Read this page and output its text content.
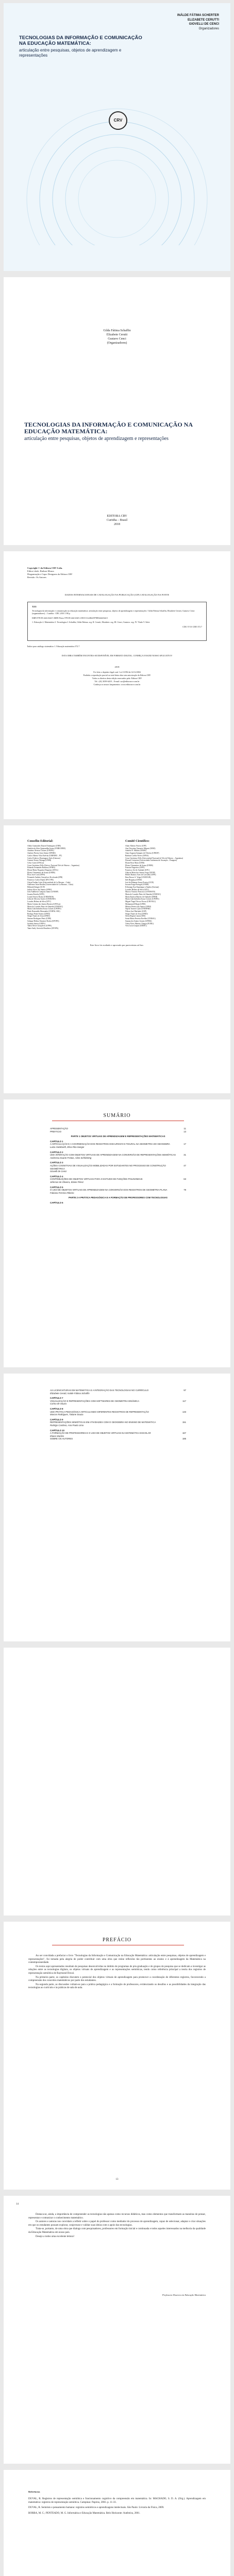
INÁLDE FÁTIMA SCHERTER
ELIZABETE CERUTTI
GIOVELLI DE CENCI
Organizadores
TECNOLOGIAS DA INFORMAÇÃO E COMUNICAÇÃO NA EDUCAÇÃO MATEMÁTICA:
articulação entre pesquisas, objetos de aprendizagem e representações
CRV
Gilda Fátima Schaffin
Elizabete Cerutti
Gustavo Cenci
(Organizadores)
TECNOLOGIAS DA INFORMAÇÃO E COMUNICAÇÃO NA EDUCAÇÃO MATEMÁTICA:
articulação entre pesquisas, objetos de aprendizagem e representações
EDITORA CRV
Curitiba – Brasil
2018
Copyright © da Editora CRV Ltda.
Editor-chefe: Railson Moura
Diagramação e Capa: Designers da Editora CRV
Revisão: Os Autores
DADOS INTERNACIONAIS DE CATALOGAÇÃO NA PUBLICAÇÃO (CIP) CATALOGAÇÃO NA FONTE
T255
Tecnologias da informação e comunicação na educação matemática: articulação entre pesquisas, objetos de aprendizagem e representações / Gilda Fátima Schaffin, Elizabete Cerutti, Gustavo Cenci (organizadores) – Curitiba : CRV, 2018. 198 p.
ISBN 978-85-444-2344-5 ISBN Físico 978-85-444-2345-2 DOI 10.24824/978854442344.5
1. Educação 2. Matemática 3. Tecnologias I. Schaffin, Gilda Fátima. org. II. Cerutti, Elizabete. org. III. Cenci, Gustavo. org. IV. Título V. Série
CDU 37.01 CDD 372.7
Índice para catálogo sistemático 1. Educação matemática 372.7
ESTA OBRA TAMBÉM ENCONTRA-SE DISPONÍVEL EM FORMATO DIGITAL. CONHEÇA E BAIXE NOSSO APLICATIVO!
2018
Foi feito o depósito legal conf. Lei 10.994 de 14/12/2004
Proibida a reprodução parcial ou total desta obra sem autorização da Editora CRV
Todos os direitos desta edição reservados pela: Editora CRV
Tel.: (41) 3039-6418 – E-mail: sac@editoracrv.com.br
Conheça os nossos lançamentos: www.editoracrv.com.br
Conselho Editorial:	Comitê Científico:
Aldira Guimarães Duarte Domínguez (UNB)
Andréia da Silva Quintanilha Sousa (UNIR/UFRN)
Anselmo Alencar Colares (UFOPA)
Antônio Pereira Gaio Júnior (UFRRJ)
Carlos Alberto Vilar Estêvão (UMINHO – PT)
Carlos Federico Dominguez Avila (Unieuro)
Carmen Tereza Velanga (UNIR)
Celso Conti (UFSCar)
Cesar Gerónimo Tello (Univer. Nacional Três de Febrero – Argentina)
Eduardo Fernandes Barbosa (UFMG)
Elione Maria Nogueira Diogenes (UFAL)
Elizeu Clementino de Souza (UNEB)
Élsio José Corá (UFFS)
Fernando Antônio Gonçalves Alcoforado (IPB)
Francisco Carlos Duarte (PUC-PR)
Gloria Fariñas León (Universidade de La Havana – Cuba)
Guillermo Arias Beatón (Universidade de La Havana – Cuba)
Helmuth Krüger (UCP)
Jailson Alves dos Santos (UFRJ)
João Adalberto Campato Junior (UNESP)
Josania Portela (UFPI)
Leonel Severo Rocha (UNISINOS)
Lídia de Oliveira Xavier (UNIEURO)
Lourdes Helena da Silva (UFV)
Maria Cristina dos Santos Bezerra (UFSCar)
Maria de Lourdes Pinto de Almeida (UNOESC)
Maria Lília Imbiriba Sousa Colares (UFOPA)
Paulo Romualdo Hernandes (UNIFAL-MG)
Rodrigo Pratte-Santos (UFES)
Sérgio Nunes de Jesus (IFRO)
Simone Rodrigues Pinto (UNB)
Solange Helena Ximenes-Rocha (UFOPA)
Sydione Santos (UEPG)
Tadeu Oliver Gonçalves (UFPA)
Tania Suely Azevedo Brasileiro (UFOPA)
Altair Alberto Fávero (UPF)
Ana Chrystina Venancio Mignot (UERJ)
Andréia N. Militão (UEMS)
Anna Augusta Sampaio de Oliveira (UNESP)
Barbara Coelho Neves (UFBA)
Cesar Gerónimo Tello (Universidad Nacional de Três de Febrero – Argentina)
Diosnel Centurion (Universidade Autónoma de Assunção – Paraguai)
Eliane Rose Maio (UEM)
Elizeu Clementino de Souza (UNEB)
Fauston Negreiros (UFPI)
Francisco Ari de Andrade (UFC)
Gláucia Maria dos Santos Jorge (UFOP)
Helder Buenos Aires de Carvalho (UFPI)
Ilma Passos A. Veiga (UNICEUB)
Inês Bragança (UERJ)
José de Ribamar Sousa Pereira (UCB)
Jussara Fraga Portugal (UNEB)
Kilwangy Kya Kapitango-a-Samba (Unemat)
Lourdes Helena da Silva (UFV)
Marcos Vinicius Francisco (UNOESTE)
Maria de Lourdes Pinto de Almeida (UNOESC)
Maria Eurácia Barreto de Andrade (UFRB)
Maria Lília Imbiriba Sousa Colares (UFOPA)
Míguel Ángel Novoa Novoa (UNIVALI)
Mohammed Elhajji (UFRJ)
Mônica Pereira dos Santos (UFRJ)
Najela Tavares Ujiie (UNESPAR)
Nilson José Machado (USP)
Sérgio Nunes de Jesus (IFRO)
Silvia Regina Canan (URI)
Sonia Maria Ferreira Koehler (UNISAL)
Suzana dos Santos Gomes (UFMG)
Vânia Alves Martins Chaigar (FURG)
Vera Lucia Gaspar (UDESC)
Este livro foi avaliado e aprovado por pareceristas ad hoc.
SUMÁRIO
APRESENTAÇÃO	11
PREFÁCIO	13
PARTE 1 OBJETOS VIRTUAIS DE APRENDIZAGEM E REPRESENTAÇÕES MATEMÁTICAS
CAPÍTULO 1
A ARTICULAÇÃO E A COORDENAÇÃO DOS REGISTROS DISCURSIVO E FIGURAL NA GEOMETRIA DO GEOGEBRA	17
Luiza Hackbarth, Elisa Rita Sangoi
CAPÍTULO 2
UMA INTERAÇÃO COM OBJETOS VIRTUAIS DE APRENDIZAGEM NA CONVERSÃO DE REPRESENTAÇÕES SEMIÓTICAS	31
Andressa Duarte Freitas, Aline Schlichting
CAPÍTULO 3
AÇÕES COGNITIVAS DE VISUALIZAÇÃO MOBILIZADAS POR ESTUDANTES NO PROCESSO DE CONSTRUÇÃO GEOMÉTRICA
47
Giovelli de Cenci
CAPÍTULO 4
CONTRIBUIÇÕES DE OBJETOS VIRTUAIS PARA O ESTUDO DE FUNÇÕES POLINOMIAIS	63
Jeferson de Oliveira, Elaine Pérez
CAPÍTULO 5
O USO DE OBJETOS VIRTUAIS DE APRENDIZAGEM NA CONVERSÃO DOS REGISTROS DE GEOMETRIA PLANA	79
Fabiana Ferreira Ribeiro
PARTE 2 A PRÁTICA PEDAGÓGICA E A FORMAÇÃO DE PROFESSORES COM TECNOLOGIAS
CAPÍTULO 6
AS LICENCIATURAS EM MATEMÁTICA E A INTEGRAÇÃO DAS TECNOLOGIAS NO CURRÍCULO	97
Elizabete Cerutti, Inalde Fátima Schaffin
CAPÍTULO 7
VISUALIZAÇÃO E REPRESENTAÇÕES COM SOFTWARES DE GEOMETRIA DINÂMICA	117
Carina de Souza
CAPÍTULO 8
UMA PRÁTICA PEDAGÓGICA ARTICULANDO DIFERENTES REGISTROS DE REPRESENTAÇÃO	133
Marcos Rodrigues, Tatiane Souza
CAPÍTULO 9
REPRESENTAÇÕES SEMIÓTICAS EM ATIVIDADES COM O GEOGEBRA NO ENSINO DE MATEMÁTICA	151
Rodrigo Cardoso, Ana Paula Lima
CAPÍTULO 10
A FORMAÇÃO DE PROFESSORES E O USO DE OBJETOS VIRTUAIS NA MATEMÁTICA ESCOLAR	167
Eliane Martins
SOBRE OS AUTORES	185
PREFÁCIO

Ao ser convidada a prefaciar o livro "Tecnologias da Informação e Comunicação na Educação Matemática: articulação entre pesquisas, objetos de aprendizagem e representações", fui tomada pela alegria de poder contribuir com uma obra que reúne reflexões tão pertinentes ao ensino e à aprendizagem da Matemática na contemporaneidade.

Os textos aqui apresentados resultam de pesquisas desenvolvidas no âmbito de programas de pós-graduação e de grupos de pesquisa que se dedicam a investigar as relações entre as tecnologias digitais, os objetos virtuais de aprendizagem e as representações semióticas, tendo como referência principal a teoria dos registros de representação semiótica de Raymond Duval.

Na primeira parte, os capítulos discutem o potencial dos objetos virtuais de aprendizagem para promover a coordenação de diferentes registros, favorecendo a compreensão dos conceitos matemáticos por parte dos estudantes.

Na segunda parte, as discussões voltam-se para a prática pedagógica e a formação de professores, evidenciando os desafios e as possibilidades da integração das tecnologias ao currículo e às práticas de sala de aula.

13
14

Destaca-se, ainda, a importância de compreender as tecnologias não apenas como recursos didáticos, mas como elementos que transformam as maneiras de pensar, representar e comunicar o conhecimento matemático.

Os autores e autoras nos convidam a refletir sobre o papel do professor como mediador do processo de aprendizagem, capaz de selecionar, adaptar e criar situações em que os estudantes possam explorar, conjecturar e validar suas ideias com o apoio das tecnologias.

Trata-se, portanto, de uma obra que dialoga com pesquisadores, professores em formação inicial e continuada e todos aqueles interessados na melhoria da qualidade da Educação Matemática em nosso país.

Desejo a todos uma excelente leitura!

Professora Doutora em Educação Matemática
Referências
DUVAL, R. Registros de representação semiótica e funcionamento cognitivo da compreensão em matemática. In: MACHADO, S. D. A. (Org.). Aprendizagem em matemática: registros de representação semiótica. Campinas: Papirus, 2003. p. 11-33.
DUVAL, R. Semiósis e pensamento humano: registros semióticos e aprendizagens intelectuais. São Paulo: Livraria da Física, 2009.
BORBA, M. C.; PENTEADO, M. G. Informática e Educação Matemática. Belo Horizonte: Autêntica, 2001.
